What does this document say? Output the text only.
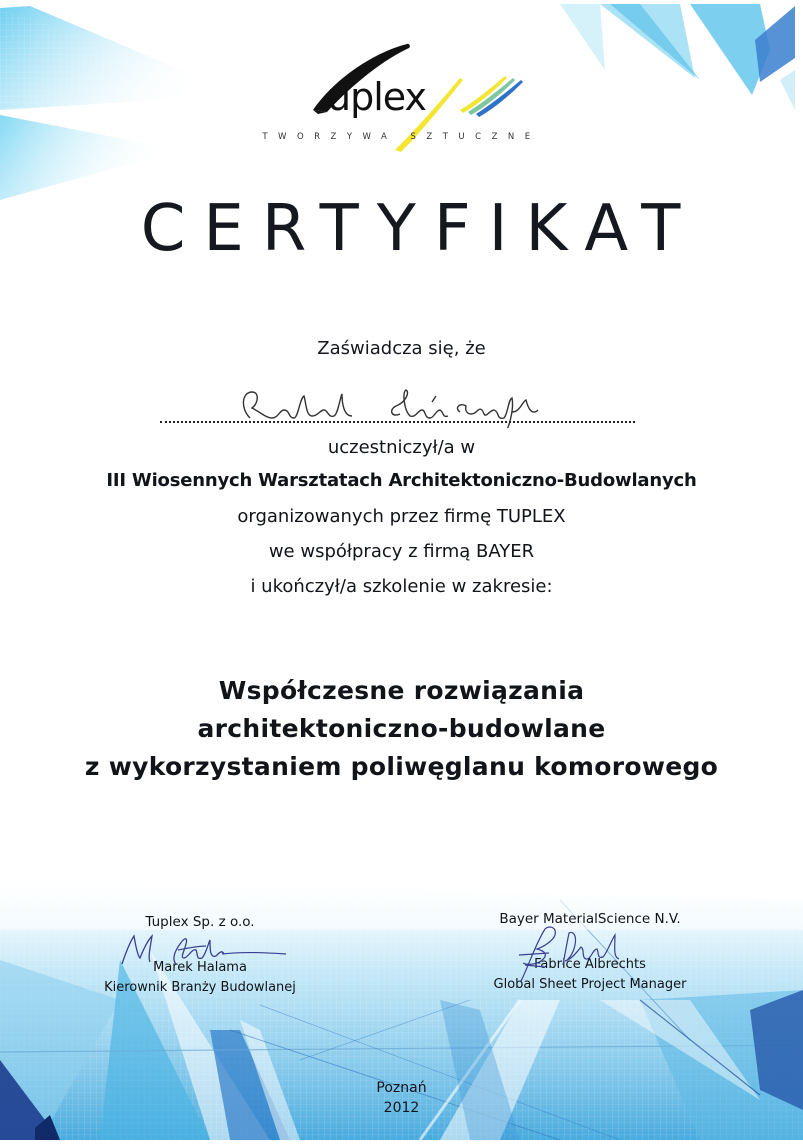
uplex
TWORZYWA SZTUCZNE
CERTYFIKAT
Zaświadcza się, że
uczestniczył/a w
III Wiosennych Warsztatach Architektoniczno-Budowlanych
organizowanych przez firmę TUPLEX
we współpracy z firmą BAYER
i ukończył/a szkolenie w zakresie:
Współczesne rozwiązania
architektoniczno-budowlane
z wykorzystaniem poliwęglanu komorowego
Tuplex Sp. z o.o.
Marek Halama
Kierownik Branży Budowlanej
Bayer MaterialScience N.V.
Fabrice Albrechts
Global Sheet Project Manager
Poznań
2012
